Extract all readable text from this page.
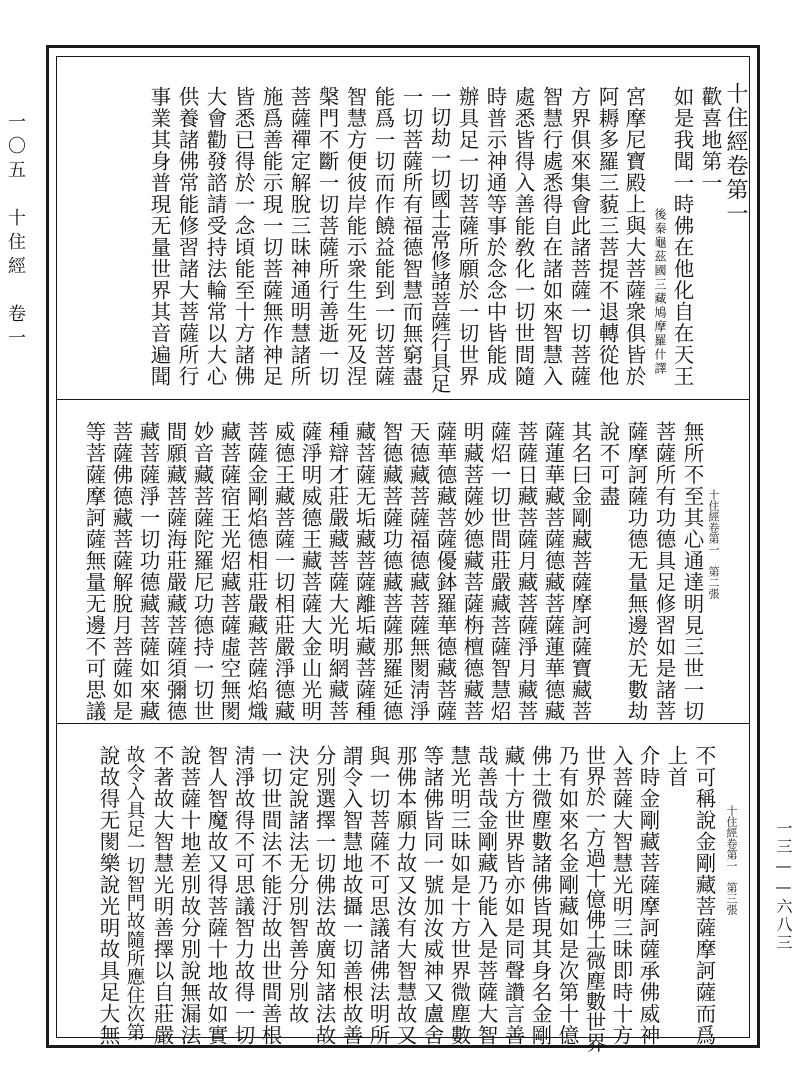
一〇五　十住經　卷一
一三——六八三
十住經卷第一
後秦龜茲國三藏鳩摩羅什譯
歡喜地第一
如是我聞一時佛在他化自在天王
宮摩尼寶殿上與大菩薩衆俱皆於
阿耨多羅三藐三菩提不退轉從他
方界俱來集會此諸菩薩一切菩薩
智慧行處悉得自在諸如來智慧入
處悉皆得入善能敎化一切世間隨
時普示神通等事於念念中皆能成
辦具足一切菩薩所願於一切世界
一切劫一切國土常修諸菩薩行具足
一切菩薩所有福德智慧而無窮盡
能爲一切而作饒益能到一切菩薩
智慧方便彼岸能示衆生生死及涅
槃門不斷一切菩薩所行善逝一切
菩薩禪定解脫三昧神通明慧諸所
施爲善能示現一切菩薩無作神足
皆悉已得於一念頃能至十方諸佛
大會勸發諮請受持法輪常以大心
供養諸佛常能修習諸大菩薩所行
事業其身普現无量世界其音遍聞
十住經卷第一　第二張
無所不至其心通達明見三世一切
菩薩所有功德具足修習如是諸菩
薩摩訶薩功德无量無邊於无數劫
說不可盡
其名曰金剛藏菩薩摩訶薩寶藏菩
薩蓮華藏菩薩德藏菩薩蓮華德藏
菩薩日藏菩薩月藏菩薩淨月藏菩
薩炤一切世間莊嚴藏菩薩智慧炤
明藏菩薩妙德藏菩薩栴檀德藏菩
薩華德藏菩薩優鉢羅華德藏菩薩
天德藏菩薩福德藏菩薩無閡淸淨
智德藏菩薩功德藏菩薩那羅延德
藏菩薩无垢藏菩薩離垢藏菩薩種
種辯才莊嚴藏菩薩大光明網藏菩
薩淨明威德王藏菩薩大金山光明
威德王藏菩薩一切相莊嚴淨德藏
菩薩金剛焰德相莊嚴藏菩薩焰熾
藏菩薩宿王光炤藏菩薩虛空無閡
妙音藏菩薩陀羅尼功德持一切世
間願藏菩薩海莊嚴藏菩薩須彌德
藏菩薩淨一切功德藏菩薩如來藏
菩薩佛德藏菩薩解脫月菩薩如是
等菩薩摩訶薩無量无邊不可思議
十住經卷第一　第三張
不可稱說金剛藏菩薩摩訶薩而爲
上首
介時金剛藏菩薩摩訶薩承佛威神
入菩薩大智慧光明三昧即時十方
世界於一方過十億佛土微塵數世界
乃有如來名金剛藏如是次第十億
佛土微塵數諸佛皆現其身名金剛
藏十方世界皆亦如是同聲讚言善
哉善哉金剛藏乃能入是菩薩大智
慧光明三昧如是十方世界微塵數
等諸佛皆同一號加汝威神又盧舍
那佛本願力故又汝有大智慧故又
與一切菩薩不可思議諸佛法明所
謂令入智慧地故攝一切善根故善
分別選擇一切佛法故廣知諸法故
決定說諸法无分別智善分別故
一切世間法不能汙故出世間善根
淸淨故得不可思議智力故得一切
智人智魔故又得菩薩十地故如實
說菩薩十地差別故分別說無漏法
不著故大智慧光明善擇以自莊嚴
故令入具足一切智門故隨所應住次第
說故得无閡樂說光明故具足大無
